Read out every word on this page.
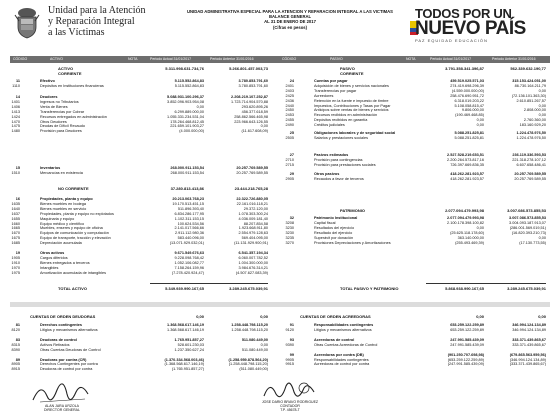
Unidad para la Atención
y Reparación Integral
a las Víctimas
UNIDAD ADMINISTRATIVA ESPECIAL PARA LA ATENCION Y REPARACION INTEGRAL A LAS VICTIMAS
BALANCE GENERAL
AL 31 DE ENERO DE 2017
(Cifras en pesos)
TODOS POR UN
NUEVO PAÍS
PAZ EQUIDAD EDUCACIÓN
CÓDIGO	ACTIVO	NOTA	Periodo Actual 31/01/2017	Periodo Anterior 31/01/2016	CÓDIGO	PASIVO	NOTA	Periodo Actual 31/01/2017	Periodo Anterior 31/01/2016
ACTIVO	5.311.998.631.734,76	5.266.801.457.003,73
CORRIENTE
11	Efectivo	5.115.552.864,83	3.780.853.791,60
1110	Depósitos en Instituciones financieras	5.115.552.864,83	3.780.853.791,60
14	Deudores	5.088.931.100.296,37	2.208.219.107.252,87
1401	Ingresos no Tributarios	3.852.096.903.954,08	1.723.714.904.570,88
1406	Venta de Bienes	0,00	293.620.895,26
1413	Transferencias por Cobrar	6.299.889.000,00	456.377.618,59
1424	Recursos entregados en administración	1.055.331.234.531,04	258.862.566.465,98
1470	Otros Deudores	178.264.468.812,45	223.966.643.126,55
1475	Deudas de Difícil Recaudo	221.659.101.903,27	0,00
1480	Provisión para Deudores	(4.000.000,00)	(11.617.608,09)
15	Inventarios	268.000.911.153,54	20.257.769.589,55
1510	Mercancías en existencia	268.000.911.153,54	20.257.769.589,55
NO CORRIENTE	37.280.813.413,86	23.444.218.765,28
16	Propiedades, planta y equipo	20.213.063.768,23	22.322.726.880,05
1635	Bienes muebles en bodega	19.170.513.451,15	22.161.016.118,21
1640	Bienes muebles en servicio	511.896.393,40	29.372.120,00
1637	Propiedades, planta y equipo no explotados	6.834.286.177,95	1.078.303.300,24
1655	Maquinaria y equipo	1.102.311.153,15	4.036.009.181,40
1660	Equipo médico y científico	100.624.534,56	88.207.854,58
1665	Muebles, enseres y equipo de oficina	2.141.017.566,66	1.923.668.911,80
1670	Equipos de comunicación y computación	2.911.112.980,36	2.554.979.128,63
1675	Equipo de transporte, tracción y elevación	583.440.096,00	569.404.095,00
1685	Depreciación acumulada	(13.071.929.032,01)	(11.131.929.900,91)
19	Otros activos	9.671.549.676,63	6.541.357.194,34
1905	Cargos diferidos	9.228.098.768,42	6.060.007.782,52
1910	Bienes entregados a terceros	1.052.106.082,77	1.004.300.000,00
1970	Intangibles	7.158.264.159,96	3.984.676.314,21
1975	Amortización acumulada de intangibles	(7.278.420.924,47)	(4.507.627.083,39)
TOTAL ACTIVO	5.349.939.990.167,65	3.289.245.675.039,91
PASIVO	3.791.358.341.396,87	562.339.632.190,77
CORRIENTE
24	Cuentas por pagar	459.519.025.571,03	315.153.424.051,00
2401	Adquisición de bienes y servicios nacionales	274.419.698.296,39	86.730.164.211,79
2403	Transferencias por pagar	(4.559.000.000,00)	0,00
2425	Acreedores	258.476.690.951,72	(72.136.101.363,30)
2436	Retención en la fuente e impuesto de timbre	6.318.019.203,22	2.610.851.267,57
2440	Impuestos, Contribuciones y Tasas por Pagar	5.108.058.815,47	0,00
2450	Anticipos sobre ventas de bienes y servicios	9.806.000,00	2.808.000,00
2453	Recursos recibidos en administración	(190.469.468.85)	0,00
2455	Depósitos recibidos en garantía	0,00	2.760.360,00
2490	Créditos judiciales	0,00	183.160.929,20
25	Obligaciones laborales y de seguridad social	5.088.251.825,81	1.224.478.976,50
2505	Salarios y prestaciones sociales	5.088.251.825,81	1.224.478.976,50
27	Pasivos estimados	2.527.528.219.653,51	236.119.336.593,53
2710	Provisión para contingencias	2.200.264.573.817,16	221.318.278.107,12
2715	Provisión para prestaciones sociales	726.397.669.836,35	6.607.658.486,41
29	Otros pasivos	418.262.281.923,57	20.257.769.589,55
2905	Recaudos a favor de terceros	418.262.281.923,57	20.257.769.589,55
PATRIMONIO	2.077.094.479.993,98	3.007.086.573.855,53
32	Patrimonio Institucional	2.077.094.479.993,98	3.007.086.573.855,53
3208	Capital fiscal	2.100.178.398.100,82	3.004.093.187.913,07
3230	Resultados del ejercicio	0,00	(286.001.569.019,51)
3230	Resultado del ejercicio	(25.625.118.178,60)	(16.820.393.210,73)
3235	Superávit por donación	363.140.000,00	0,00
3270	Provisiones Depreciaciones y Amortizaciones	(255.493.469,39)	(17.130.773,55)
TOTAL PASIVO Y PATRIMONIO	5.868.938.990.167,65	3.289.245.675.039,91
CUENTAS DE ORDEN DEUDORAS	0,00	0,00	CUENTAS DE ORDEN ACREEDORAS	0,00	0,00
81	Derechos contingentes	1.368.568.617.146,19	1.258.448.798.115,20
8120	Litigios y mecanismos alternativos	1.368.568.617.146,19	1.258.448.798.115,20
83	Deudoras de control	1.765.951.857,27	511.080.449,00
8315	Activos Retirados	528.601.230,03	0,00
8390	Otras Cuentas Deudoras de Control	1.237.350.627,24	511.080.449,00
89	Deudoras por contra (CR)	(1.370.334.568.003,46)	(1.258.959.878.564,20)
8905	Derechos Contingentes por contra	(1.368.568.617.146,19)	(1.258.448.798.115,20)
8915	Deudoras de control por contra	(1.765.951.857,27)	(511.080.449,00)
91	Responsabilidades contingentes	653.259.122.259,89	346.994.124.134,89
9120	Litigios y mecanismos alternativos	653.259.122.259,89	346.994.124.134,89
93	Acreedoras de control	247.991.585.439,09	333.371.439.865,67
9390	Otras Cuentas Acreedoras de Control	247.991.585.439,09	333.371.439.865,67
99	Acreedoras por contra (DB)	(901.250.707.698,98)	(679.865.563.959,56)
9905	Responsabilidades contingentes	(653.259.122.259,89)	(346.994.124.134,89)
9915	Acreedoras de control por contra	(247.991.585.439,09)	(333.371.439.865,67)
ALAN JARA URZOLA
DIRECTOR GENERAL
JOSE DARIO BRAVO RODRIGUEZ
CONTADOR
T.P. 45678-T
